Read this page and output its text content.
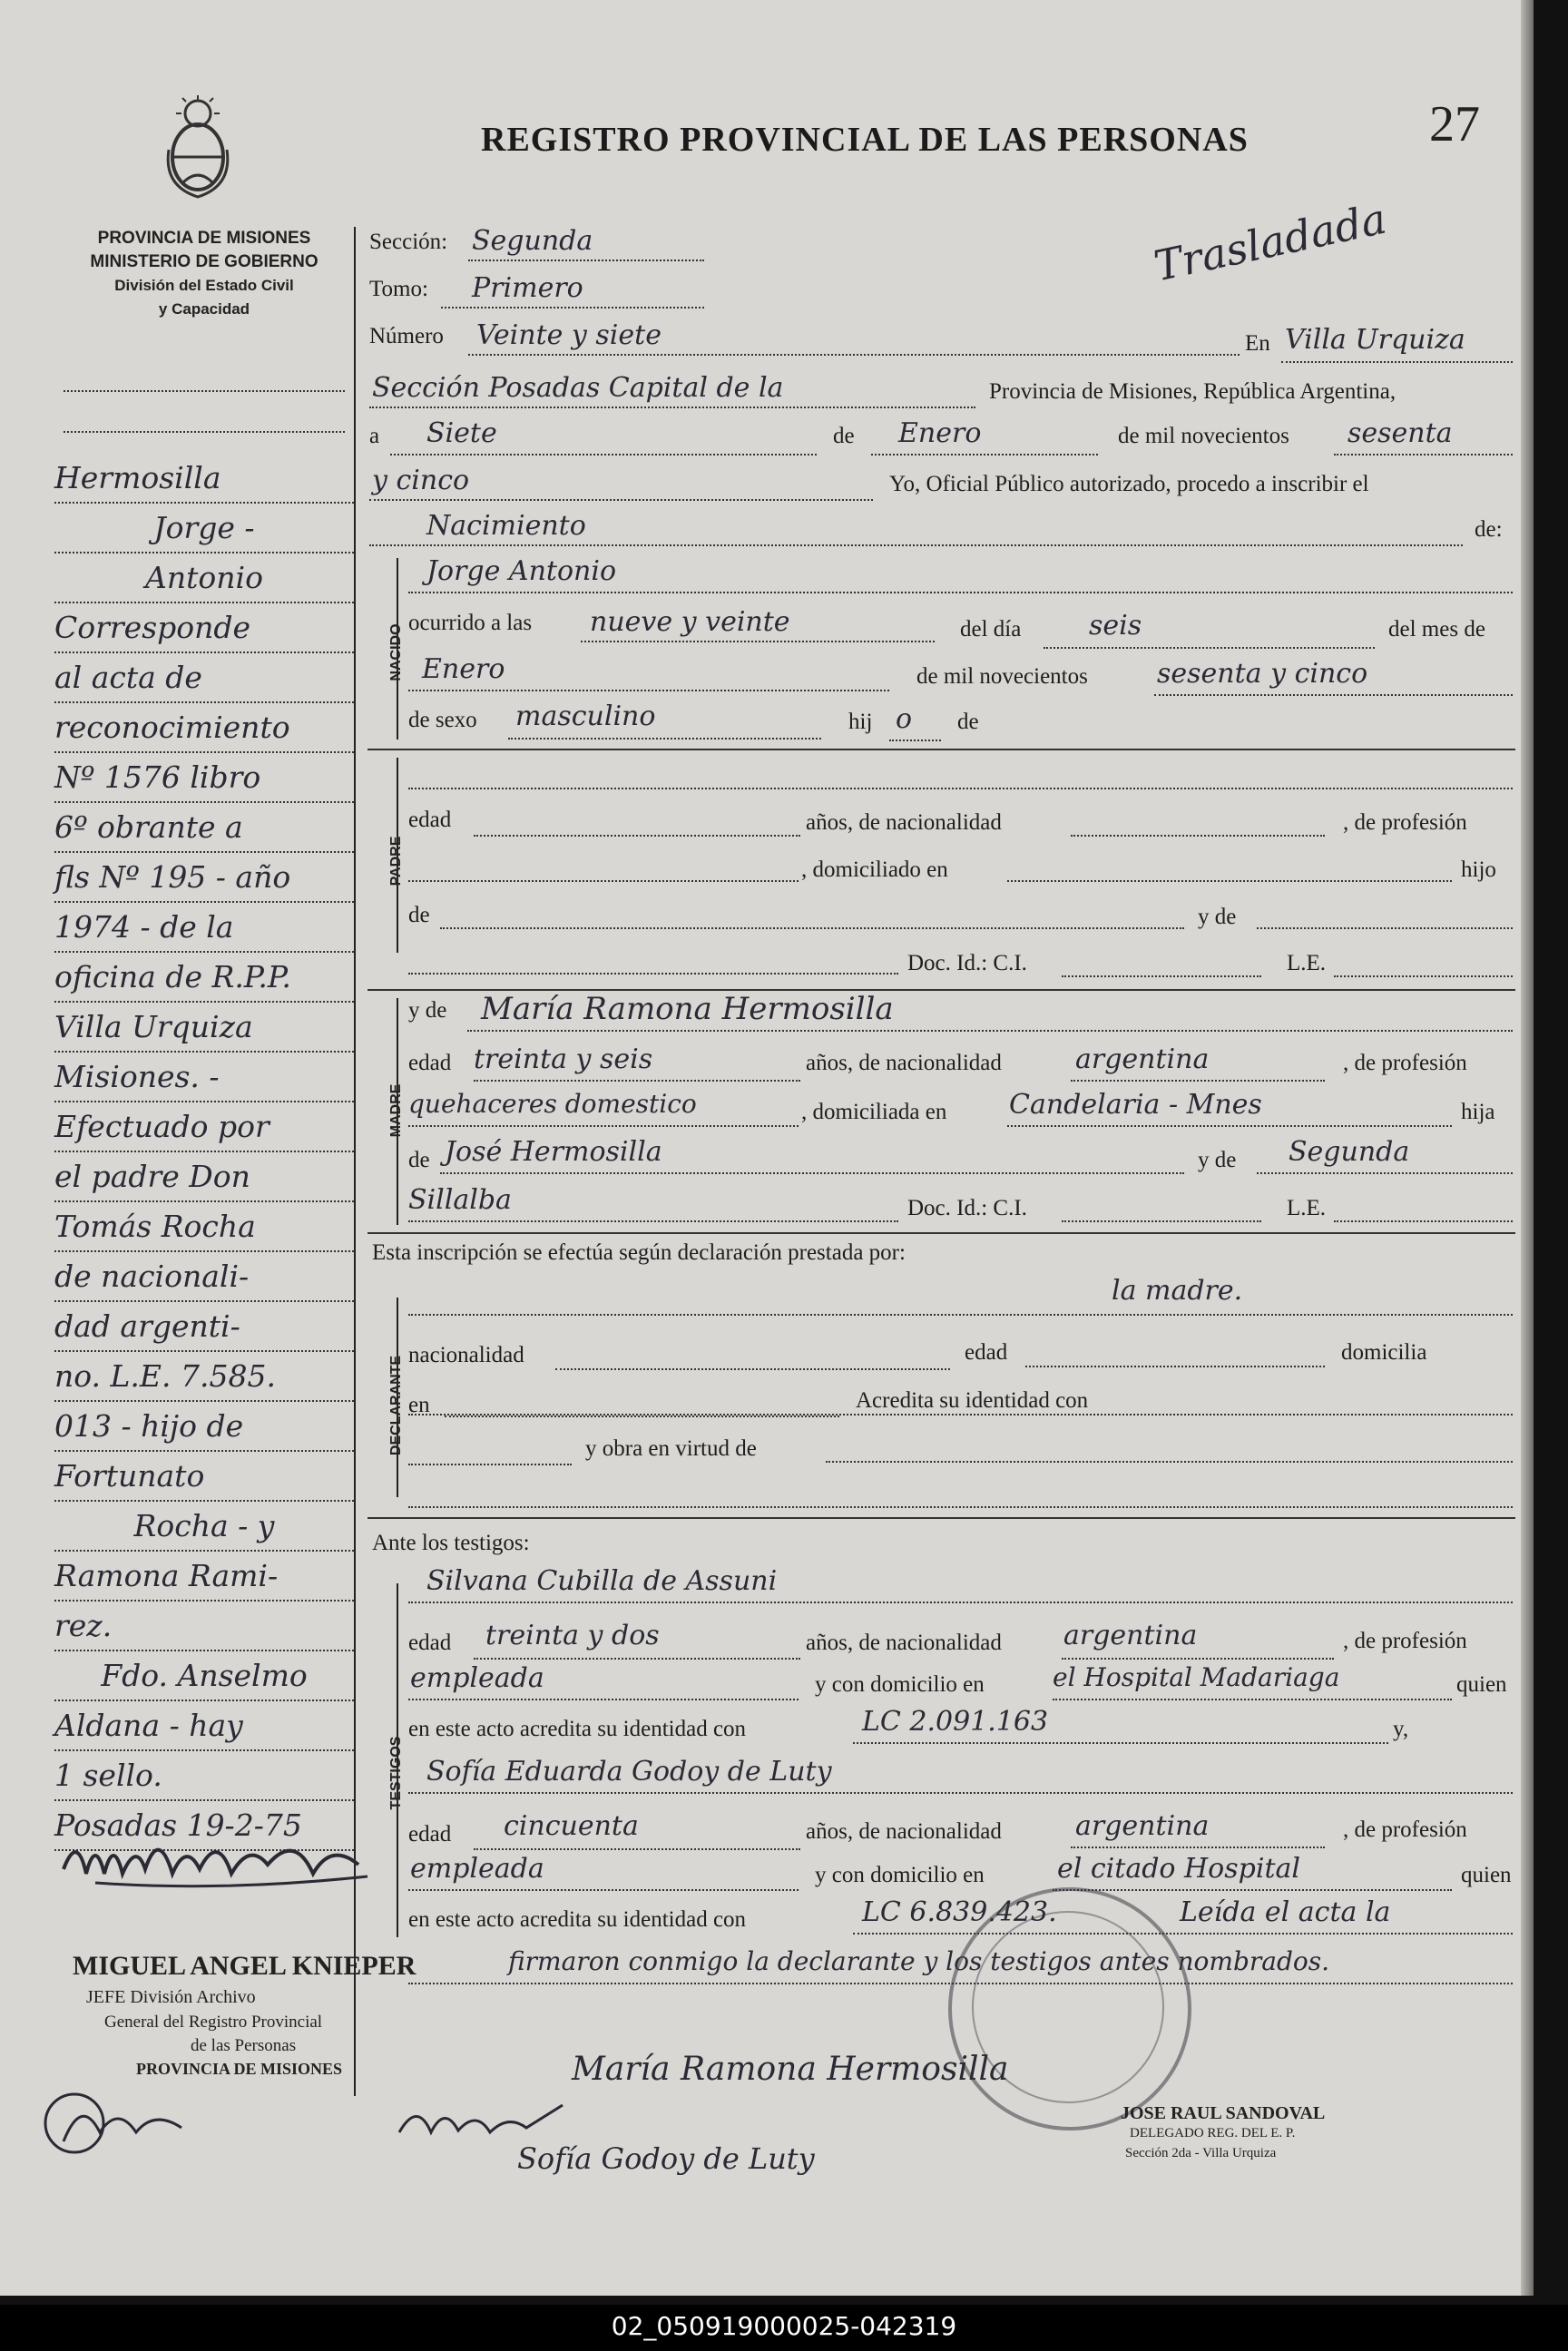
PROVINCIA DE MISIONES
MINISTERIO DE GOBIERNO
División del Estado Civil
y Capacidad
REGISTRO PROVINCIAL DE LAS PERSONAS	27
Trasladada
Hermosilla
Jorge -
Antonio
Corresponde
al acta de
reconocimiento
Nº 1576 libro
6º obrante a
fls Nº 195 - año
1974 - de la
oficina de R.P.P.
Villa Urquiza
Misiones. -
Efectuado por
el padre Don
Tomás Rocha
de nacionali-
dad argenti-
no. L.E. 7.585.
013 - hijo de
Fortunato
Rocha - y
Ramona Rami-
rez.
Fdo. Anselmo
Aldana - hay
1 sello.
Posadas 19-2-75
Sección: Segunda
Tomo: Primero
Número Veinte y siete	En Villa Urquiza
Sección Posadas Capital de la	Provincia de Misiones, República Argentina,
a Siete	de Enero	de mil novecientos sesenta
y cinco	Yo, Oficial Público autorizado, procedo a inscribir el
Nacimiento	de:
NACIDO
Jorge Antonio
ocurrido a las nueve y veinte	del día seis	del mes de
Enero	de mil novecientos	sesenta y cinco
de sexo masculino	hij o de
PADRE
edad	años, de nacionalidad	, de profesión
, domiciliado en	hijo
de	y de
Doc. Id.: C.I.	L.E.
MADRE
y de María Ramona Hermosilla
edad treinta y seis	años, de nacionalidad	argentina	, de profesión
quehaceres domestico	, domiciliada en Candelaria - Mnes	hija
de José Hermosilla	y de Segunda
Sillalba	Doc. Id.: C.I.	L.E.
Esta inscripción se efectúa según declaración prestada por:
la madre.
DECLARANTE
nacionalidad	edad	domicilia
en	Acredita su identidad con
y obra en virtud de
Ante los testigos:
TESTIGOS
Silvana Cubilla de Assuni
edad treinta y dos	años, de nacionalidad argentina	, de profesión
y con domicilio en
empleada	el Hospital Madariaga	quien
en este acto acredita su identidad con	LC 2.091.163	y,
Sofía Eduarda Godoy de Luty
edad cincuenta	años, de nacionalidad	argentina	, de profesión
y con domicilio en
empleada	el citado Hospital	quien
en este acto acredita su identidad con	LC 6.839.423.	Leída el acta la
firmaron conmigo la declarante y los testigos antes nombrados.
María Ramona Hermosilla
Sofía Godoy de Luty
MIGUEL ANGEL KNIEPER
JEFE División Archivo
General del Registro Provincial
de las Personas
PROVINCIA DE MISIONES
JOSE RAUL SANDOVAL
DELEGADO REG. DEL E. P.
Sección 2da - Villa Urquiza
02_050919000025-042319
